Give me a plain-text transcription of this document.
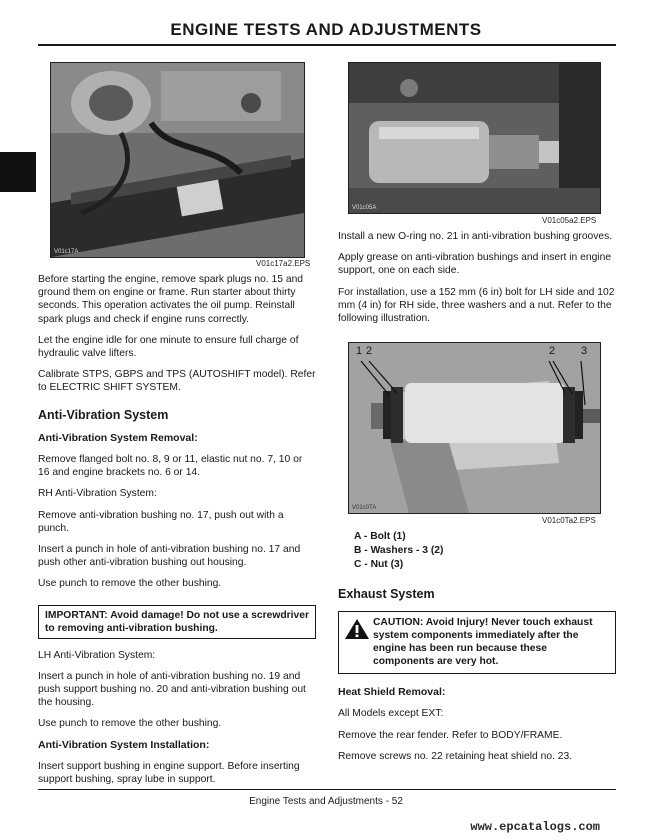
ENGINE TESTS AND ADJUSTMENTS
V01c17A
V01c17a2.EPS
V01c05A
V01c05a2.EPS
1 2	2 3
V01c0TA
V01c0Ta2.EPS

Before starting the engine, remove spark plugs no. 15 and ground them on engine or frame. Run starter about thirty seconds. This operation activates the oil pump. Reinstall spark plugs and check if engine runs correctly.

Let the engine idle for one minute to ensure full charge of hydraulic valve lifters.

Calibrate STPS, GBPS and TPS (AUTOSHIFT model). Refer to ELECTRIC SHIFT SYSTEM.

Anti-Vibration System
Anti-Vibration System Removal:

Remove flanged bolt no. 8, 9 or 11, elastic nut no. 7, 10 or 16 and engine brackets no. 6 or 14.

RH Anti-Vibration System:

Remove anti-vibration bushing no. 17, push out with a punch.

Insert a punch in hole of anti-vibration bushing no. 17 and push other anti-vibration bushing out housing.

Use punch to remove the other bushing.

IMPORTANT: Avoid damage! Do not use a screwdriver to removing anti-vibration bushing.

LH Anti-Vibration System:

Insert a punch in hole of anti-vibration bushing no. 19 and push support bushing no. 20 and anti-vibration bushing out the housing.

Use punch to remove the other bushing.

Anti-Vibration System Installation:

Insert support bushing in engine support. Before inserting support bushing, spray lube in support.

Install a new O-ring no. 21 in anti-vibration bushing grooves.

Apply grease on anti-vibration bushings and insert in engine support, one on each side.

For installation, use a 152 mm (6 in) bolt for LH side and 102 mm (4 in) for RH side, three washers and a nut. Refer to the following illustration.

A - Bolt (1)
B - Washers - 3 (2)
C - Nut (3)
Exhaust System
CAUTION: Avoid Injury! Never touch exhaust system components immediately after the engine has been run because these components are very hot.
Heat Shield Removal:

All Models except EXT:

Remove the rear fender. Refer to BODY/FRAME.

Remove screws no. 22 retaining heat shield no. 23.

Engine Tests and Adjustments - 52
www.epcatalogs.com
